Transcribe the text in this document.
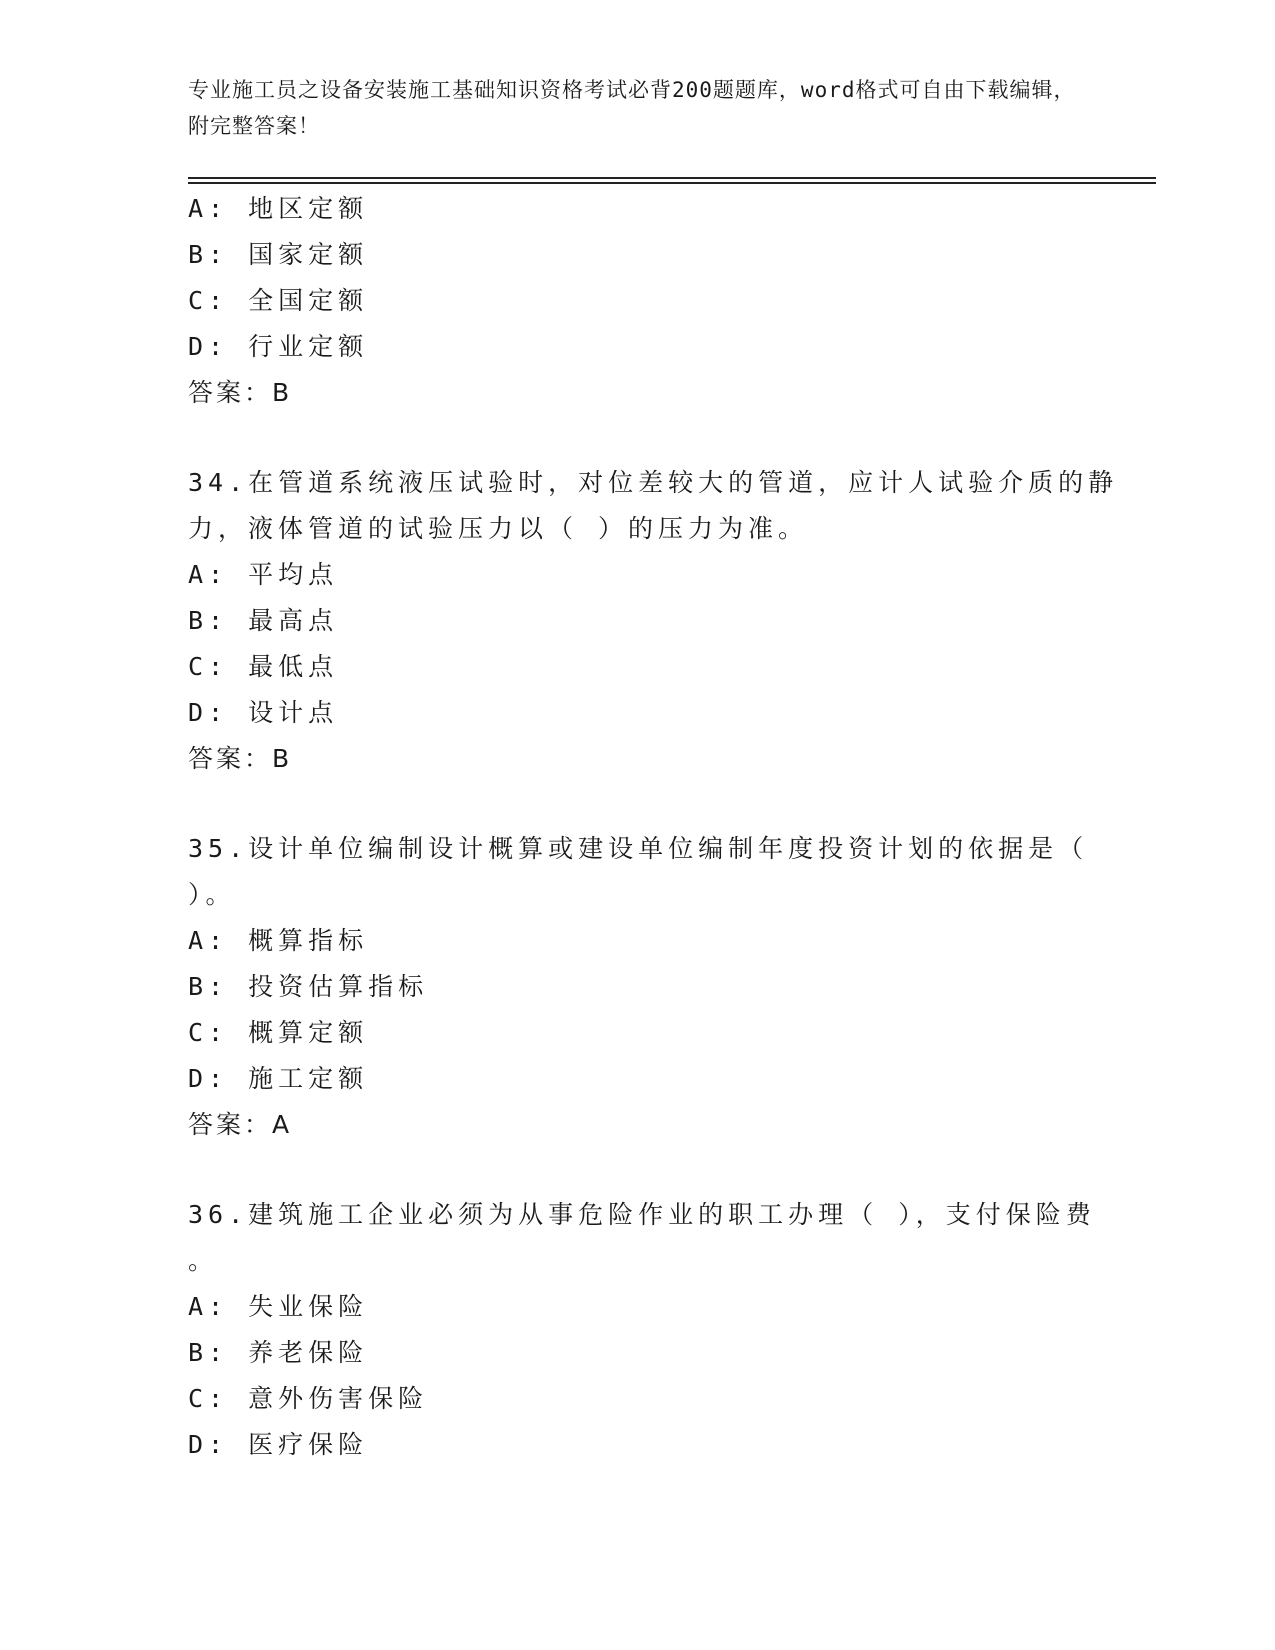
专业施工员之设备安装施工基础知识资格考试必背200题题库，word格式可自由下载编辑，附完整答案！
A: 地区定额
B: 国家定额
C: 全国定额
D: 行业定额
答案：B
34.在管道系统液压试验时，对位差较大的管道，应计人试验介质的静
力，液体管道的试验压力以（ ）的压力为准。
A: 平均点
B: 最高点
C: 最低点
D: 设计点
答案：B
35.设计单位编制设计概算或建设单位编制年度投资计划的依据是（
）。
A: 概算指标
B: 投资估算指标
C: 概算定额
D: 施工定额
答案：A
36.建筑施工企业必须为从事危险作业的职工办理（ ），支付保险费
。
A: 失业保险
B: 养老保险
C: 意外伤害保险
D: 医疗保险
